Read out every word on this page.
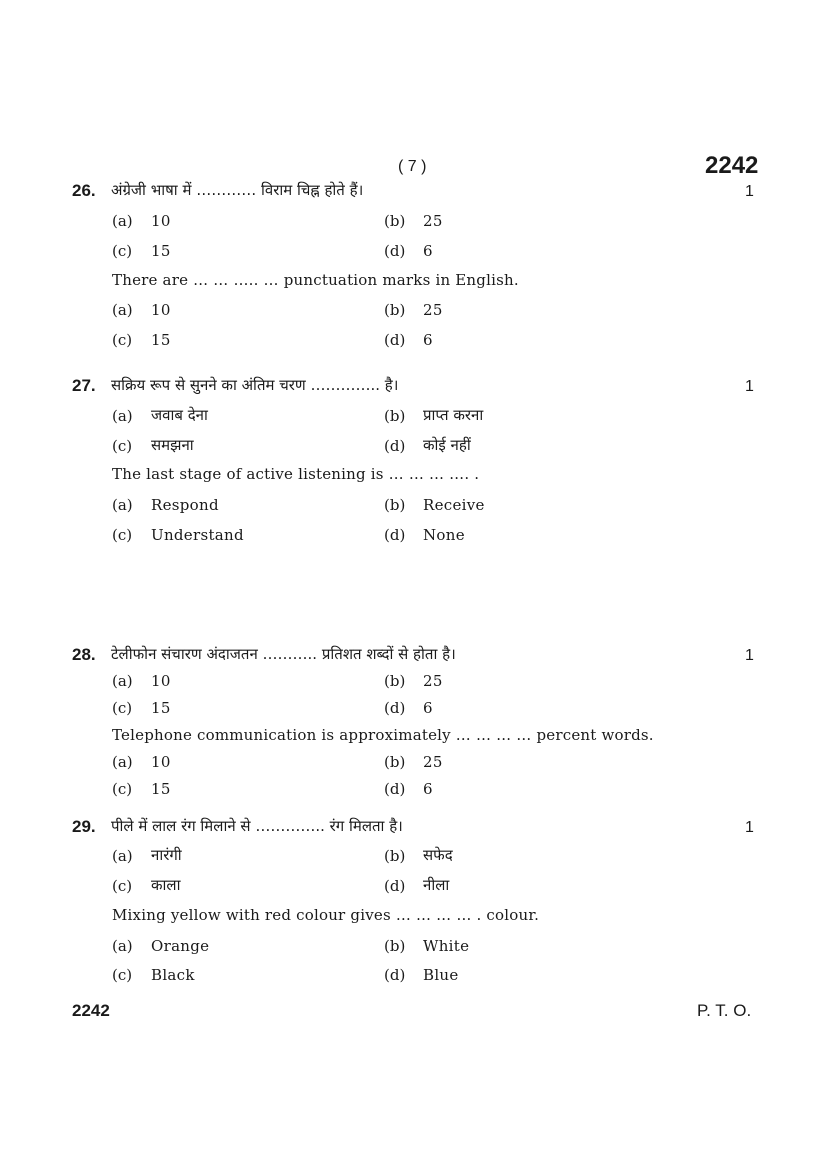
( 7 )	2242
26. अंग्रेजी भाषा में ………… विराम चिह्न होते हैं।	1
(a) 10	(b) 25
(c) 15	(d) 6
There are … … ….. … punctuation marks in English.
(a) 10	(b) 25
(c) 15	(d) 6
27. सक्रिय रूप से सुनने का अंतिम चरण ………….. है।	1
(a) जवाब देना	(b) प्राप्त करना
(c) समझना	(d) कोई नहीं
The last stage of active listening is … … … …. .
(a) Respond	(b) Receive
(c) Understand	(d) None
28. टेलीफोन संचारण अंदाजतन ……….. प्रतिशत शब्दों से होता है।	1
(a) 10	(b) 25
(c) 15	(d) 6
Telephone communication is approximately … … … … percent words.
(a) 10	(b) 25
(c) 15	(d) 6
29. पीले में लाल रंग मिलाने से ………….. रंग मिलता है।	1
(a) नारंगी	(b) सफेद
(c) काला	(d) नीला
Mixing yellow with red colour gives … … … … . colour.
(a) Orange	(b) White
(c) Black	(d) Blue
2242	P. T. O.
